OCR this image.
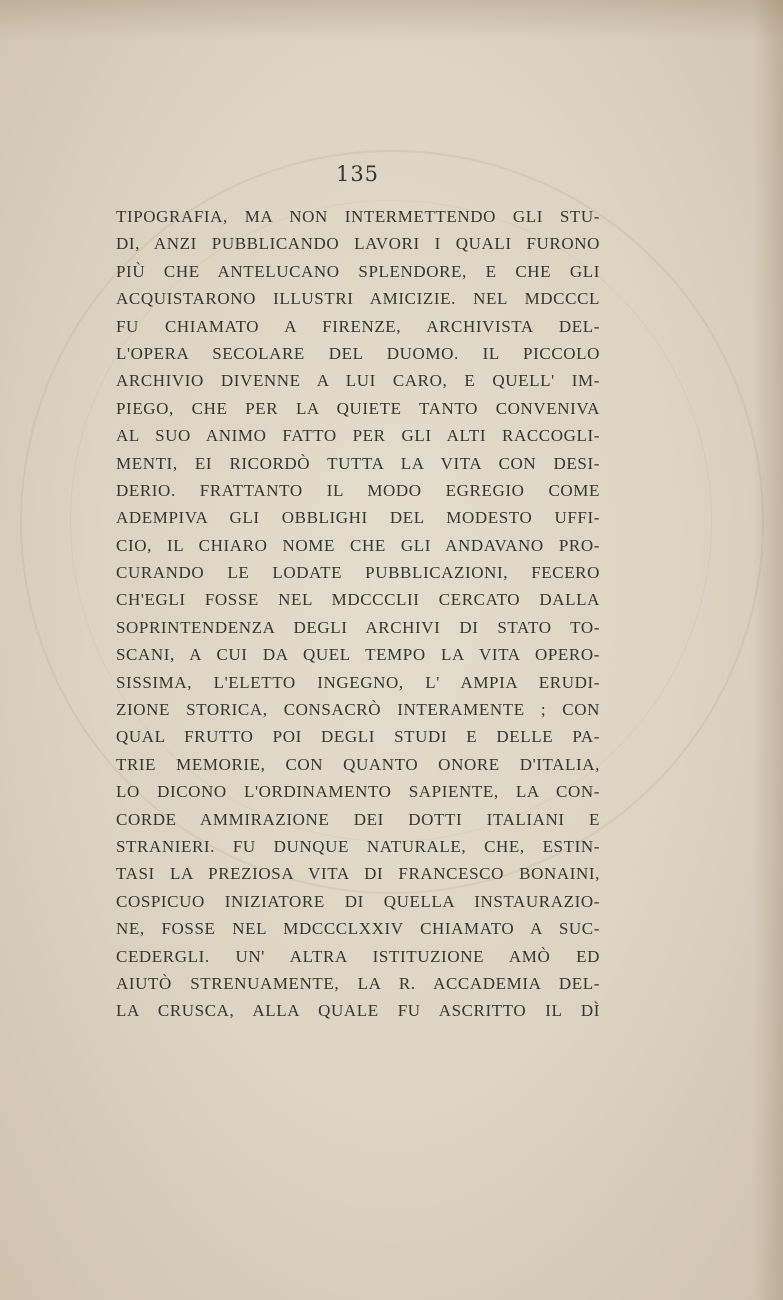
135
TIPOGRAFIA, MA NON INTERMETTENDO GLI STU-
DI, ANZI PUBBLICANDO LAVORI I QUALI FURONO
PIÙ CHE ANTELUCANO SPLENDORE, E CHE GLI
ACQUISTARONO ILLUSTRI AMICIZIE. NEL MDCCCL
FU CHIAMATO A FIRENZE, ARCHIVISTA DEL-
L'OPERA SECOLARE DEL DUOMO. IL PICCOLO
ARCHIVIO DIVENNE A LUI CARO, E QUELL' IM-
PIEGO, CHE PER LA QUIETE TANTO CONVENIVA
AL SUO ANIMO FATTO PER GLI ALTI RACCOGLI-
MENTI, EI RICORDÒ TUTTA LA VITA CON DESI-
DERIO. FRATTANTO IL MODO EGREGIO COME
ADEMPIVA GLI OBBLIGHI DEL MODESTO UFFI-
CIO, IL CHIARO NOME CHE GLI ANDAVANO PRO-
CURANDO LE LODATE PUBBLICAZIONI, FECERO
CH'EGLI FOSSE NEL MDCCCLII CERCATO DALLA
SOPRINTENDENZA DEGLI ARCHIVI DI STATO TO-
SCANI, A CUI DA QUEL TEMPO LA VITA OPERO-
SISSIMA, L'ELETTO INGEGNO, L' AMPIA ERUDI-
ZIONE STORICA, CONSACRÒ INTERAMENTE ; CON
QUAL FRUTTO POI DEGLI STUDI E DELLE PA-
TRIE MEMORIE, CON QUANTO ONORE D'ITALIA,
LO DICONO L'ORDINAMENTO SAPIENTE, LA CON-
CORDE AMMIRAZIONE DEI DOTTI ITALIANI E
STRANIERI. FU DUNQUE NATURALE, CHE, ESTIN-
TASI LA PREZIOSA VITA DI FRANCESCO BONAINI,
COSPICUO INIZIATORE DI QUELLA INSTAURAZIO-
NE, FOSSE NEL MDCCCLXXIV CHIAMATO A SUC-
CEDERGLI. UN' ALTRA ISTITUZIONE AMÒ ED
AIUTÒ STRENUAMENTE, LA R. ACCADEMIA DEL-
LA CRUSCA, ALLA QUALE FU ASCRITTO IL DÌ
